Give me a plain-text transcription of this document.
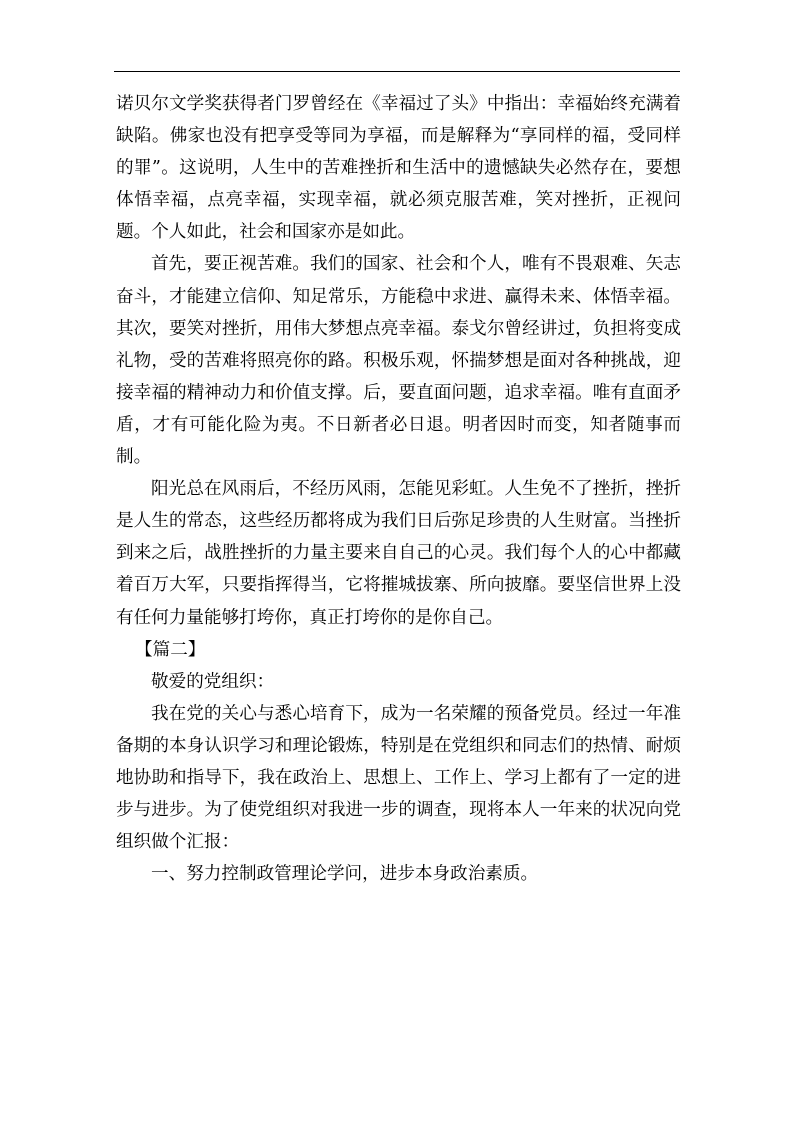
诺贝尔文学奖获得者门罗曾经在《幸福过了头》中指出：幸福始终充满着缺陷。佛家也没有把享受等同为享福，而是解释为“享同样的福，受同样的罪”。这说明，人生中的苦难挫折和生活中的遗憾缺失必然存在，要想体悟幸福，点亮幸福，实现幸福，就必须克服苦难，笑对挫折，正视问题。个人如此，社会和国家亦是如此。

首先，要正视苦难。我们的国家、社会和个人，唯有不畏艰难、矢志奋斗，才能建立信仰、知足常乐，方能稳中求进、赢得未来、体悟幸福。其次，要笑对挫折，用伟大梦想点亮幸福。泰戈尔曾经讲过，负担将变成礼物，受的苦难将照亮你的路。积极乐观，怀揣梦想是面对各种挑战，迎接幸福的精神动力和价值支撑。后，要直面问题，追求幸福。唯有直面矛盾，才有可能化险为夷。不日新者必日退。明者因时而变，知者随事而制。

阳光总在风雨后，不经历风雨，怎能见彩虹。人生免不了挫折，挫折是人生的常态，这些经历都将成为我们日后弥足珍贵的人生财富。当挫折到来之后，战胜挫折的力量主要来自自己的心灵。我们每个人的心中都藏着百万大军，只要指挥得当，它将摧城拔寨、所向披靡。要坚信世界上没有任何力量能够打垮你，真正打垮你的是你自己。

【篇二】

敬爱的党组织：

我在党的关心与悉心培育下，成为一名荣耀的预备党员。经过一年准备期的本身认识学习和理论锻炼，特别是在党组织和同志们的热情、耐烦地协助和指导下，我在政治上、思想上、工作上、学习上都有了一定的进步与进步。为了使党组织对我进一步的调查，现将本人一年来的状况向党组织做个汇报：

一、努力控制政管理论学问，进步本身政治素质。
